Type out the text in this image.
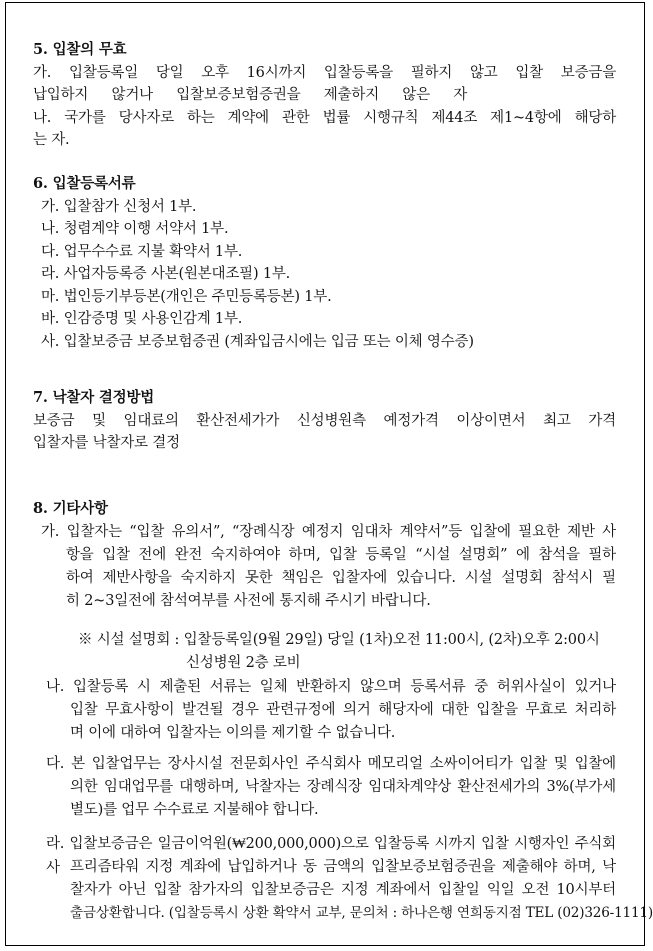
5. 입찰의 무효
가. 입찰등록일 당일 오후 16시까지 입찰등록을 필하지 않고 입찰 보증금을
납입하지 않거나 입찰보증보험증권을 제출하지 않은 자
나. 국가를 당사자로 하는 계약에 관한 법률 시행규칙 제44조 제1~4항에 해당하
는 자.
6. 입찰등록서류
가. 입찰참가 신청서 1부.
나. 청렴계약 이행 서약서 1부.
다. 업무수수료 지불 확약서 1부.
라. 사업자등록증 사본(원본대조필) 1부.
마. 법인등기부등본(개인은 주민등록등본) 1부.
바. 인감증명 및 사용인감계 1부.
사. 입찰보증금 보증보험증권 (계좌입금시에는 입금 또는 이체 영수증)
7. 낙찰자 결정방법
보증금 및 임대료의 환산전세가가 신성병원측 예정가격 이상이면서 최고 가격
입찰자를 낙찰자로 결정
8. 기타사항
가. 입찰자는 “입찰 유의서”, “장례식장 예정지 임대차 계약서”등 입찰에 필요한 제반 사
항을 입찰 전에 완전 숙지하여야 하며, 입찰 등록일 “시설 설명회” 에 참석을 필하
하여 제반사항을 숙지하지 못한 책임은 입찰자에 있습니다. 시설 설명회 참석시 필
히 2~3일전에 참석여부를 사전에 통지해 주시기 바랍니다.
※ 시설 설명회 : 입찰등록일(9월 29일) 당일 (1차)오전 11:00시, (2차)오후 2:00시
신성병원 2층 로비
나. 입찰등록 시 제출된 서류는 일체 반환하지 않으며 등록서류 중 허위사실이 있거나
입찰 무효사항이 발견될 경우 관련규정에 의거 해당자에 대한 입찰을 무효로 처리하
며 이에 대하여 입찰자는 이의를 제기할 수 없습니다.
다. 본 입찰업무는 장사시설 전문회사인 주식회사 메모리얼 소싸이어티가 입찰 및 입찰에
의한 임대업무를 대행하며, 낙찰자는 장례식장 임대차계약상 환산전세가의 3%(부가세
별도)를 업무 수수료로 지불해야 합니다.
라. 입찰보증금은 일금이억원(₩200,000,000)으로 입찰등록 시까지 입찰 시행자인 주식회사 프리즘타워 지정 계좌에 납입하거나 동 금액의 입찰보증보험증권을 제출해야 하며, 낙
찰자가 아닌 입찰 참가자의 입찰보증금은 지정 계좌에서 입찰일 익일 오전 10시부터
출금상환합니다. (입찰등록시 상환 확약서 교부, 문의처 : 하나은행 연희동지점 TEL (02)326-1111)
